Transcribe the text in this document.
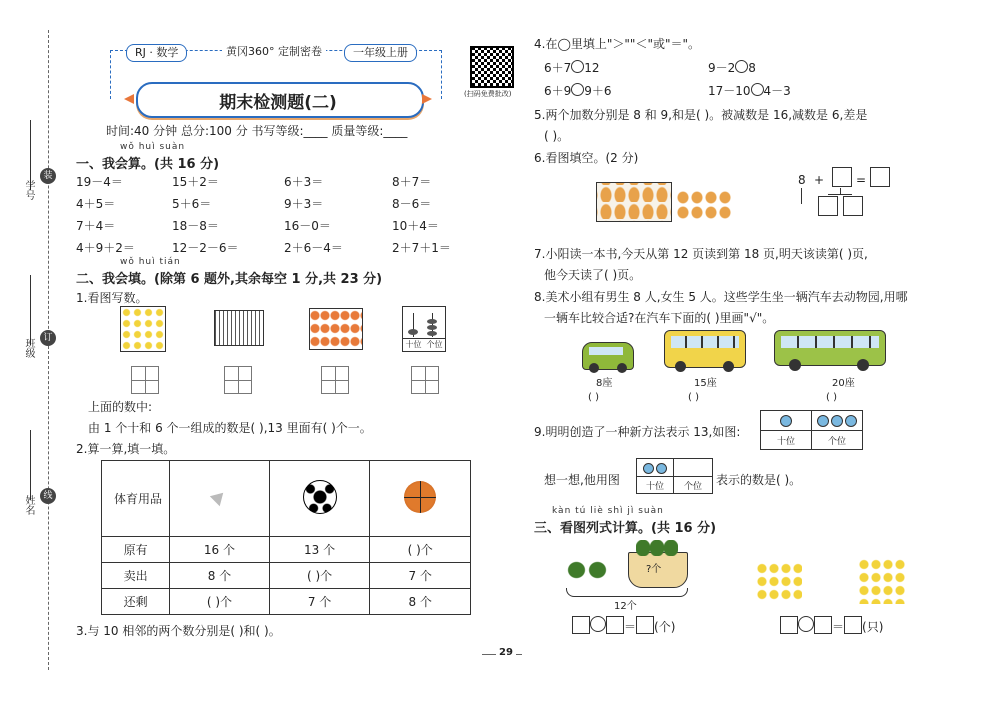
装
订
线
学号
班级
姓名
RJ · 数学	黄冈360° 定制密卷	一年级上册
期末检测题(二)	(扫码免费批改)
时间:40 分钟 总分:100 分 书写等级:____ 质量等级:____
wǒ huì suàn
一、我会算。(共 16 分)
19－4＝	15＋2＝	6＋3＝	8＋7＝
4＋5＝	5＋6＝	9＋3＝	8－6＝
7＋4＝	18－8＝	16－0＝	10＋4＝
4＋9＋2＝	12－2－6＝	2＋6－4＝	2＋7＋1＝
wǒ huì tián
二、我会填。(除第 6 题外,其余每空 1 分,共 23 分)
1.看图写数。
十位 个位
上面的数中:
由 1 个十和 6 个一组成的数是( ),13 里面有( )个一。
2.算一算,填一填。
体育用品			
原有	16 个	13 个	( )个
卖出	8 个	( )个	7 个
还剩	( )个	7 个	8 个
3.与 10 相邻的两个数分别是( )和( )。
4.在◯里填上"＞""＜"或"＝"。
6＋7 12	9－2 8
6＋9 9＋6	17－10 4－3
5.两个加数分别是 8 和 9,和是( )。被减数是 16,减数是 6,差是
( )。
6.看图填空。(2 分)
8 +	=
7.小阳读一本书,今天从第 12 页读到第 18 页,明天该读第( )页,
他今天读了( )页。
8.美术小组有男生 8 人,女生 5 人。这些学生坐一辆汽车去动物园,用哪
一辆车比较合适?在汽车下面的( )里画"√"。
8座
( )
15座
( )
20座
( )
9.明明创造了一种新方法表示 13,如图:
十位	个位
想一想,他用图	十位	个位	表示的数是( )。
kàn tú liè shì jì suàn
三、看图列式计算。(共 16 分)
?个
12个
＝ (个)	＝ (只)
29
